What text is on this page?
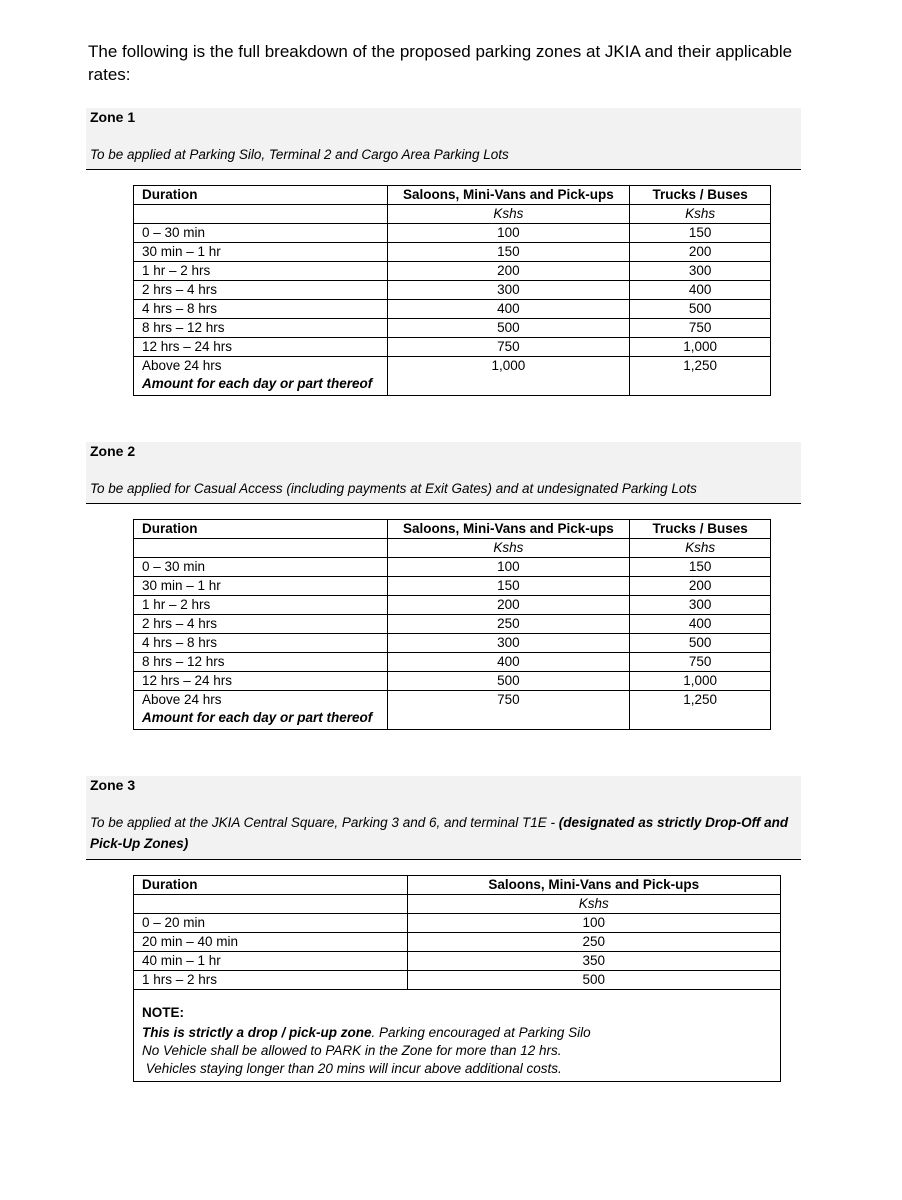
The following is the full breakdown of the proposed parking zones at JKIA and their applicable rates:
Zone 1
To be applied at Parking Silo, Terminal 2 and Cargo Area Parking Lots
Duration	Saloons, Mini-Vans and Pick-ups	Trucks / Buses
	Kshs	Kshs
0 – 30 min	100	150
30 min – 1 hr	150	200
1 hr – 2 hrs	200	300
2 hrs – 4 hrs	300	400
4 hrs – 8 hrs	400	500
8 hrs – 12 hrs	500	750
12 hrs – 24 hrs	750	1,000
Above 24 hrs
Amount for each day or part thereof	1,000	1,250
Zone 2
To be applied for Casual Access (including payments at Exit Gates) and at undesignated Parking Lots
Duration	Saloons, Mini-Vans and Pick-ups	Trucks / Buses
	Kshs	Kshs
0 – 30 min	100	150
30 min – 1 hr	150	200
1 hr – 2 hrs	200	300
2 hrs – 4 hrs	250	400
4 hrs – 8 hrs	300	500
8 hrs – 12 hrs	400	750
12 hrs – 24 hrs	500	1,000
Above 24 hrs
Amount for each day or part thereof	750	1,250
Zone 3
To be applied at the JKIA Central Square, Parking 3 and 6, and terminal T1E - (designated as strictly Drop-Off and Pick-Up Zones)
Duration	Saloons, Mini-Vans and Pick-ups
	Kshs
0 – 20 min	100
20 min – 40 min	250
40 min – 1 hr	350
1 hrs – 2 hrs	500

NOTE:
This is strictly a drop / pick-up zone. Parking encouraged at Parking Silo
No Vehicle shall be allowed to PARK in the Zone for more than 12 hrs.
Vehicles staying longer than 20 mins will incur above additional costs.	
